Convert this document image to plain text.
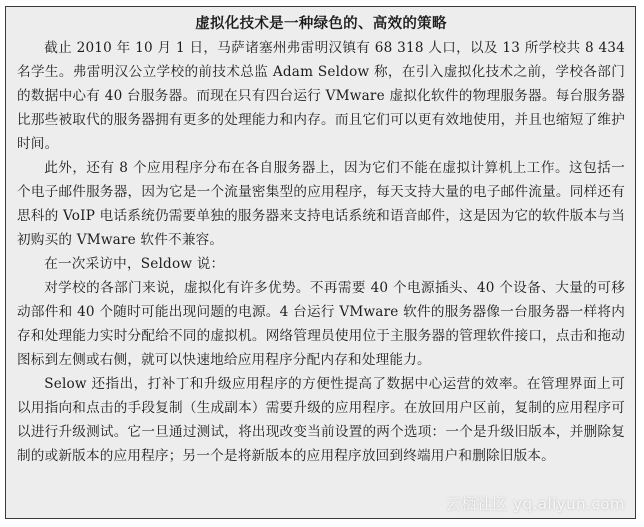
虚拟化技术是一种绿色的、高效的策略

截止 2010 年 10 月 1 日，马萨诸塞州弗雷明汉镇有 68 318 人口，以及 13 所学校共 8 434 名学生。弗雷明汉公立学校的前技术总监 Adam Seldow 称，在引入虚拟化技术之前，学校各部门的数据中心有 40 台服务器。而现在只有四台运行 VMware 虚拟化软件的物理服务器。每台服务器比那些被取代的服务器拥有更多的处理能力和内存。而且它们可以更有效地使用，并且也缩短了维护时间。

此外，还有 8 个应用程序分布在各自服务器上，因为它们不能在虚拟计算机上工作。这包括一个电子邮件服务器，因为它是一个流量密集型的应用程序，每天支持大量的电子邮件流量。同样还有思科的 VoIP 电话系统仍需要单独的服务器来支持电话系统和语音邮件，这是因为它的软件版本与当初购买的 VMware 软件不兼容。

在一次采访中，Seldow 说：

对学校的各部门来说，虚拟化有许多优势。不再需要 40 个电源插头、40 个设备、大量的可移动部件和 40 个随时可能出现问题的电源。4 台运行 VMware 软件的服务器像一台服务器一样将内存和处理能力实时分配给不同的虚拟机。网络管理员使用位于主服务器的管理软件接口，点击和拖动图标到左侧或右侧，就可以快速地给应用程序分配内存和处理能力。

Selow 还指出，打补丁和升级应用程序的方便性提高了数据中心运营的效率。在管理界面上可以用指向和点击的手段复制（生成副本）需要升级的应用程序。在放回用户区前，复制的应用程序可以进行升级测试。它一旦通过测试，将出现改变当前设置的两个选项：一个是升级旧版本，并删除复制的或新版本的应用程序；另一个是将新版本的应用程序放回到终端用户和删除旧版本。

云栖社区 yq.aliyun.com
